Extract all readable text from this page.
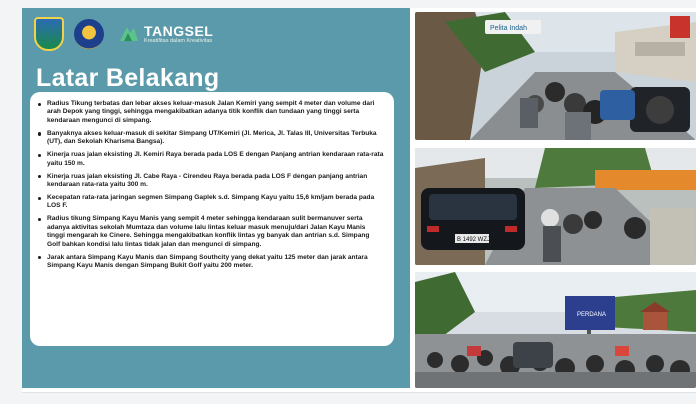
TANGSEL
Kreatifitas dalam Kreativitas
Latar Belakang
Radius Tikung terbatas dan lebar akses keluar-masuk Jalan Kemiri yang sempit 4 meter dan volume dari arah Depok yang tinggi, sehingga mengakibatkan adanya titik konflik dan tundaan yang tinggi serta kendaraan mengunci di simpang.
Banyaknya akses keluar-masuk di sekitar Simpang UT/Kemiri (Jl. Merica, Jl. Talas III, Universitas Terbuka (UT), dan Sekolah Kharisma Bangsa).
Kinerja ruas jalan eksisting Jl. Kemiri Raya berada pada LOS E dengan Panjang antrian kendaraan rata-rata yaitu 150 m.
Kinerja ruas jalan eksisting Jl. Cabe Raya - Cirendeu Raya berada pada LOS F dengan panjang antrian kendaraan rata-rata yaitu 300 m.
Kecepatan rata-rata jaringan segmen Simpang Gaplek s.d. Simpang Kayu yaitu 15,6 km/jam berada pada LOS F.
Radius tikung Simpang Kayu Manis yang sempit 4 meter sehingga kendaraan sulit bermanuver serta adanya aktivitas sekolah Mumtaza dan volume lalu lintas keluar masuk menuju/dari Jalan Kayu Manis tinggi mengarah ke Cinere. Sehingga mengakibatkan konflik lintas yg banyak dan antrian s.d. Simpang Golf bahkan kondisi lalu lintas tidak jalan dan mengunci di simpang.
Jarak antara Simpang Kayu Manis dan Simpang Southcity yang dekat yaitu 125 meter dan jarak antara Simpang Kayu Manis dengan Simpang Bukit Golf yaitu 200 meter.
Pelita Indah
B 1492 WZJ
PERDANA
